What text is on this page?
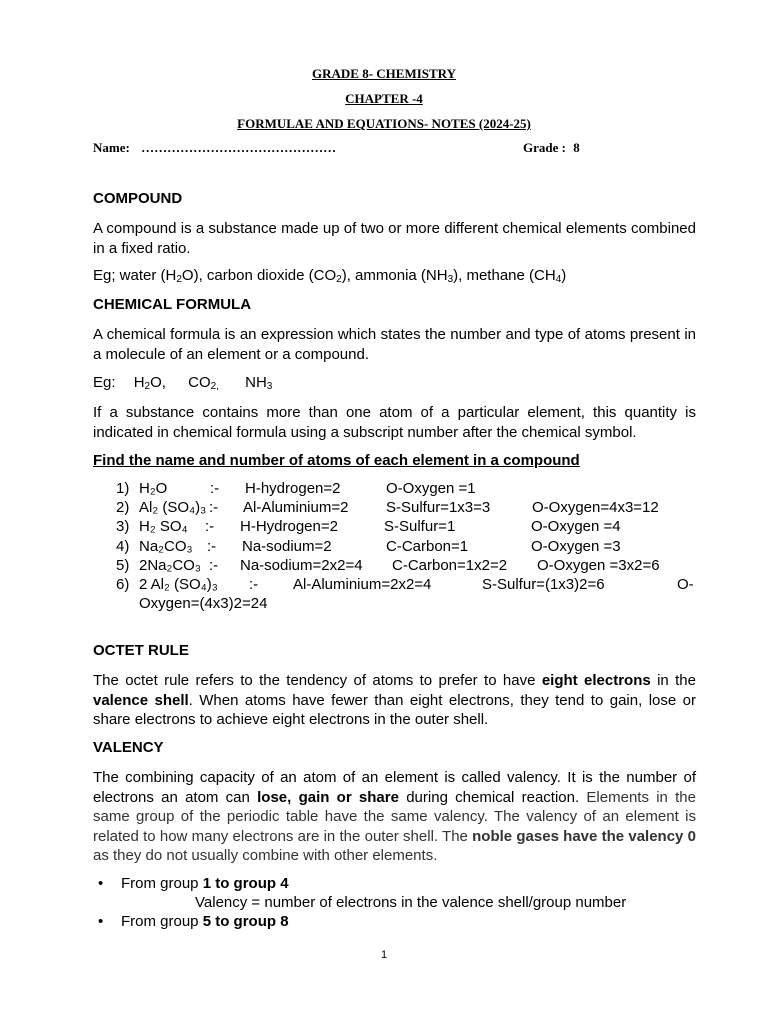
GRADE 8- CHEMISTRY
CHAPTER -4
FORMULAE AND EQUATIONS- NOTES (2024-25)
Name: ………………………………………	Grade : 8
COMPOUND
A compound is a substance made up of two or more different chemical elements combined in a fixed ratio.
Eg; water $(H_2O)$, carbon dioxide $(CO_2)$, ammonia $(NH_3)$, methane $(CH_4)$
CHEMICAL FORMULA
A chemical formula is an expression which states the number and type of atoms present in a molecule of an element or a compound.
Eg: $H_2O$, $CO_{2,}$ $NH_3$
If a substance contains more than one atom of a particular element, this quantity is indicated in chemical formula using a subscript number after the chemical symbol.
Find the name and number of atoms of each element in a compound
1) H₂O	:- H-hydrogen=2	O-Oxygen =1
2) Al₂ (SO₄)₃ :- Al-Aluminium=2	S-Sulfur=1x3=3	O-Oxygen=4x3=12
3) H₂ SO₄ :- H-Hydrogen=2	S-Sulfur=1	O-Oxygen =4
4) Na₂CO₃ :- Na-sodium=2	C-Carbon=1	O-Oxygen =3
5) 2Na₂CO₃ :- Na-sodium=2x2=4 C-Carbon=1x2=2 O-Oxygen =3x2=6
6) 2 Al₂ (SO₄)₃ :- Al-Aluminium=2x2=4	S-Sulfur=(1x3)2=6	O-
Oxygen=(4x3)2=24
OCTET RULE
The octet rule refers to the tendency of atoms to prefer to have eight electrons in the valence shell. When atoms have fewer than eight electrons, they tend to gain, lose or share electrons to achieve eight electrons in the outer shell.
VALENCY
The combining capacity of an atom of an element is called valency. It is the number of electrons an atom can lose, gain or share during chemical reaction. Elements in the same group of the periodic table have the same valency. The valency of an element is related to how many electrons are in the outer shell. The noble gases have the valency 0 as they do not usually combine with other elements.
• From group 1 to group 4
Valency = number of electrons in the valence shell/group number
• From group 5 to group 8
1
